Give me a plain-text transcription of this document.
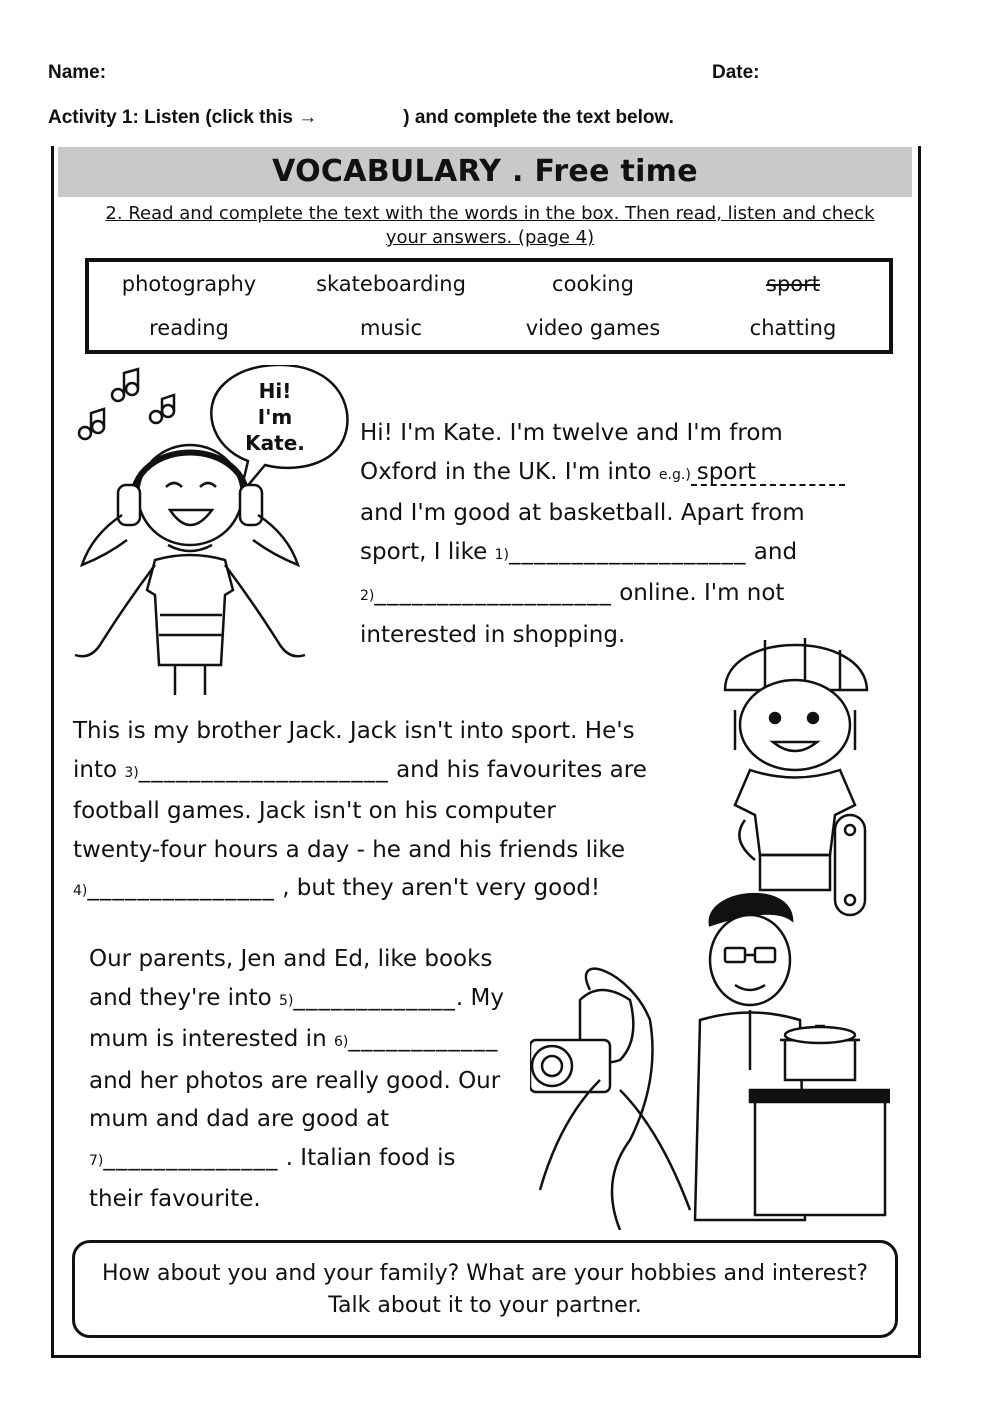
Name:	Date:
Activity 1: Listen (click this →	) and complete the text below.
VOCABULARY . Free time
2. Read and complete the text with the words in the box. Then read, listen and check your answers. (page 4)
photography	skateboarding	cooking	sport
reading	music	video games	chatting
Hi!
I'm
Kate.	Hi! I'm Kate. I'm twelve and I'm from
Oxford in the UK. I'm into e.g.) sport
and I'm good at basketball. Apart from
sport, I like 1)___________________ and
2)___________________ online. I'm not
interested in shopping.
This is my brother Jack. Jack isn't into sport. He's
into 3)____________________ and his favourites are
football games. Jack isn't on his computer
twenty-four hours a day - he and his friends like
4)_______________ , but they aren't very good!
Our parents, Jen and Ed, like books
and they're into 5)_____________. My
mum is interested in 6)____________
and her photos are really good. Our
mum and dad are good at
7)______________ . Italian food is
their favourite.
How about you and your family? What are your hobbies and interest?
Talk about it to your partner.
